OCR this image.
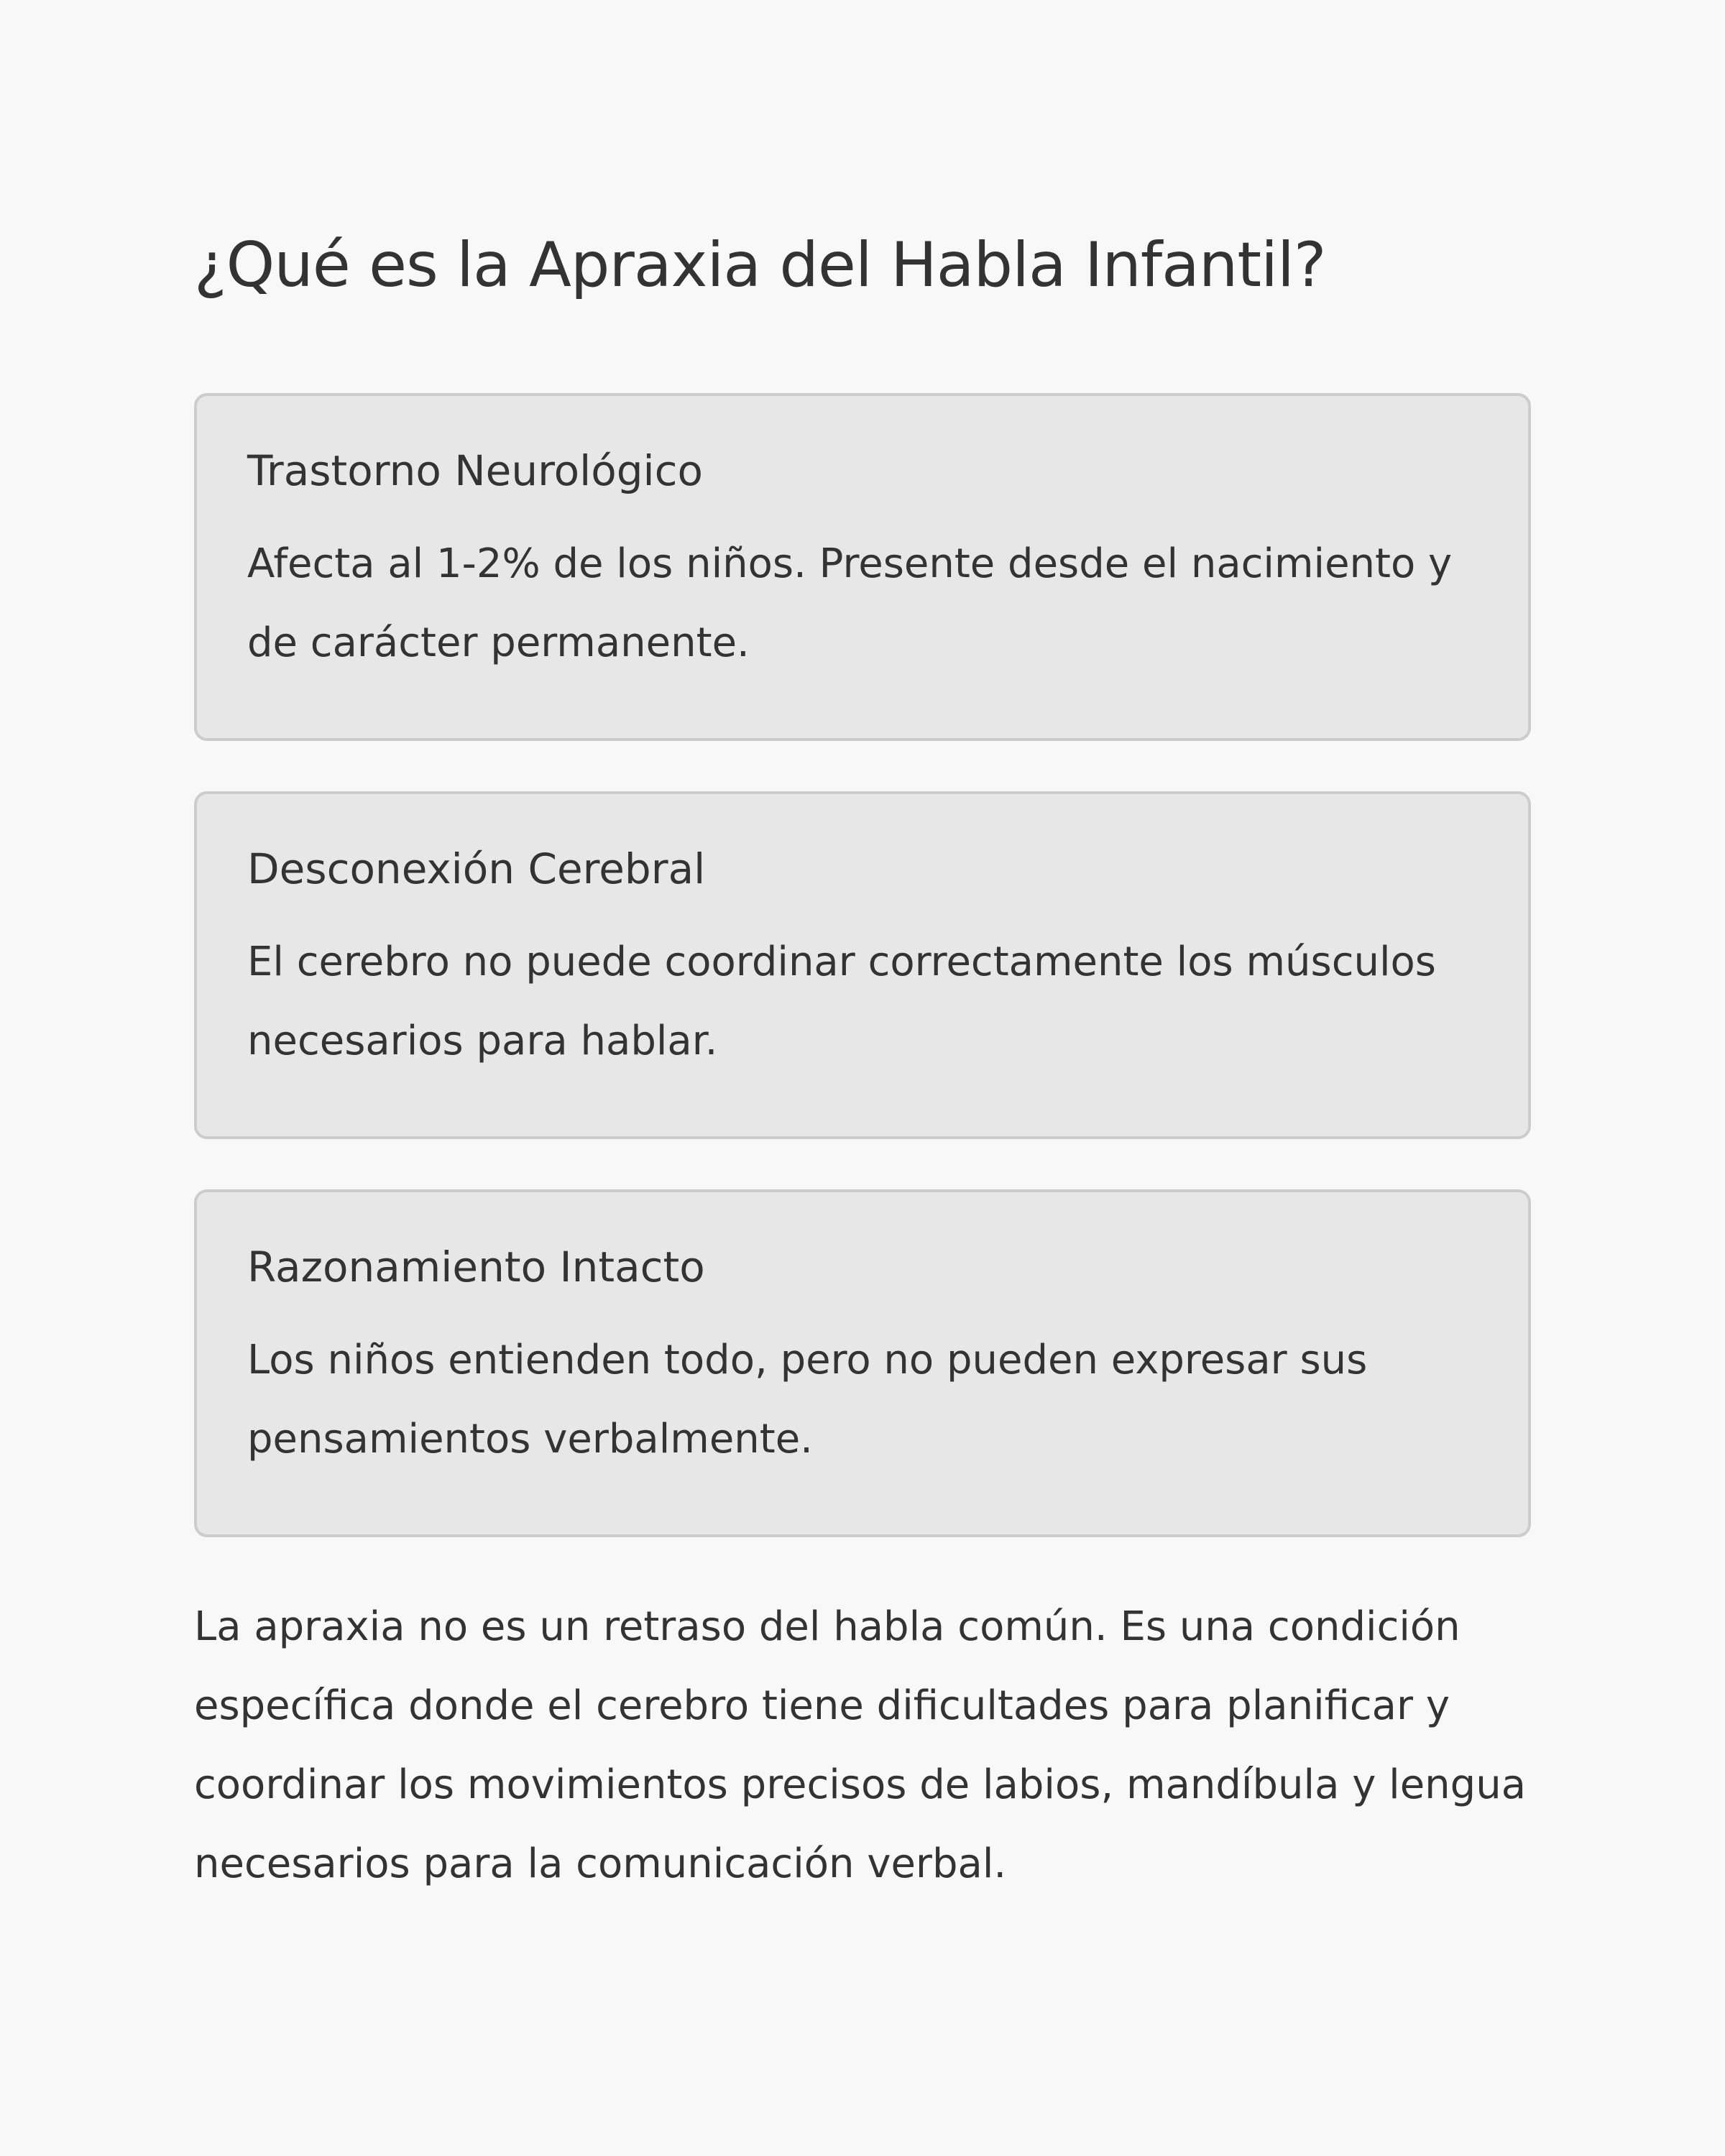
¿Qué es la Apraxia del Habla Infantil?
Trastorno Neurológico

Afecta al 1-2% de los niños. Presente desde el nacimiento y de carácter permanente.

Desconexión Cerebral

El cerebro no puede coordinar correctamente los músculos necesarios para hablar.

Razonamiento Intacto

Los niños entienden todo, pero no pueden expresar sus pensamientos verbalmente.

La apraxia no es un retraso del habla común. Es una condición específica donde el cerebro tiene dificultades para planificar y coordinar los movimientos precisos de labios, mandíbula y lengua necesarios para la comunicación verbal.
